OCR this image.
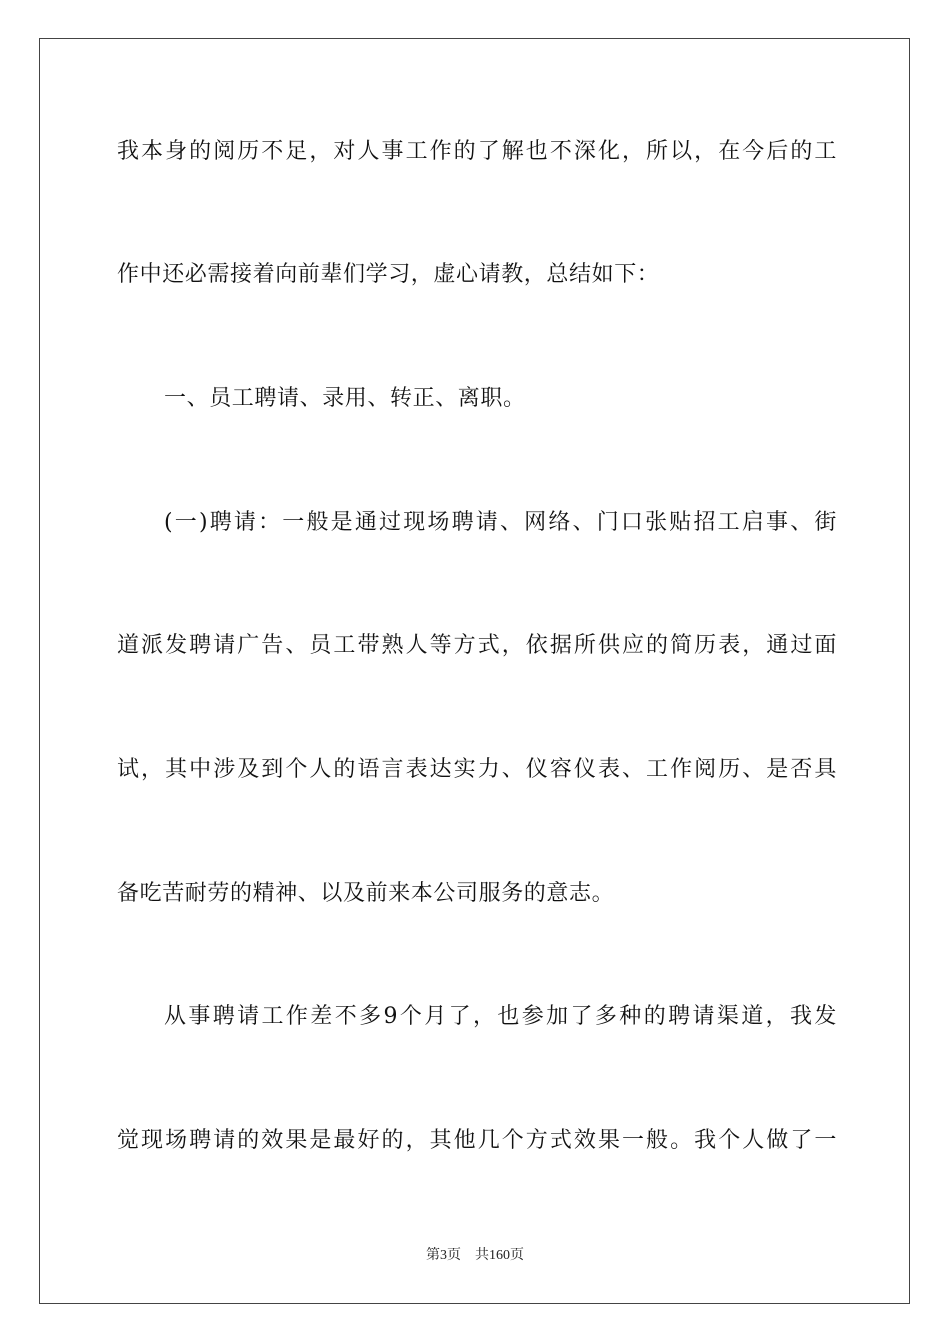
我本身的阅历不足，对人事工作的了解也不深化，所以，在今后的工
作中还必需接着向前辈们学习，虚心请教，总结如下：
一、员工聘请、录用、转正、离职。
(一)聘请：一般是通过现场聘请、网络、门口张贴招工启事、街
道派发聘请广告、员工带熟人等方式，依据所供应的简历表，通过面
试，其中涉及到个人的语言表达实力、仪容仪表、工作阅历、是否具
备吃苦耐劳的精神、以及前来本公司服务的意志。
从事聘请工作差不多9个月了，也参加了多种的聘请渠道，我发
觉现场聘请的效果是最好的，其他几个方式效果一般。我个人做了一
第3页 共160页
